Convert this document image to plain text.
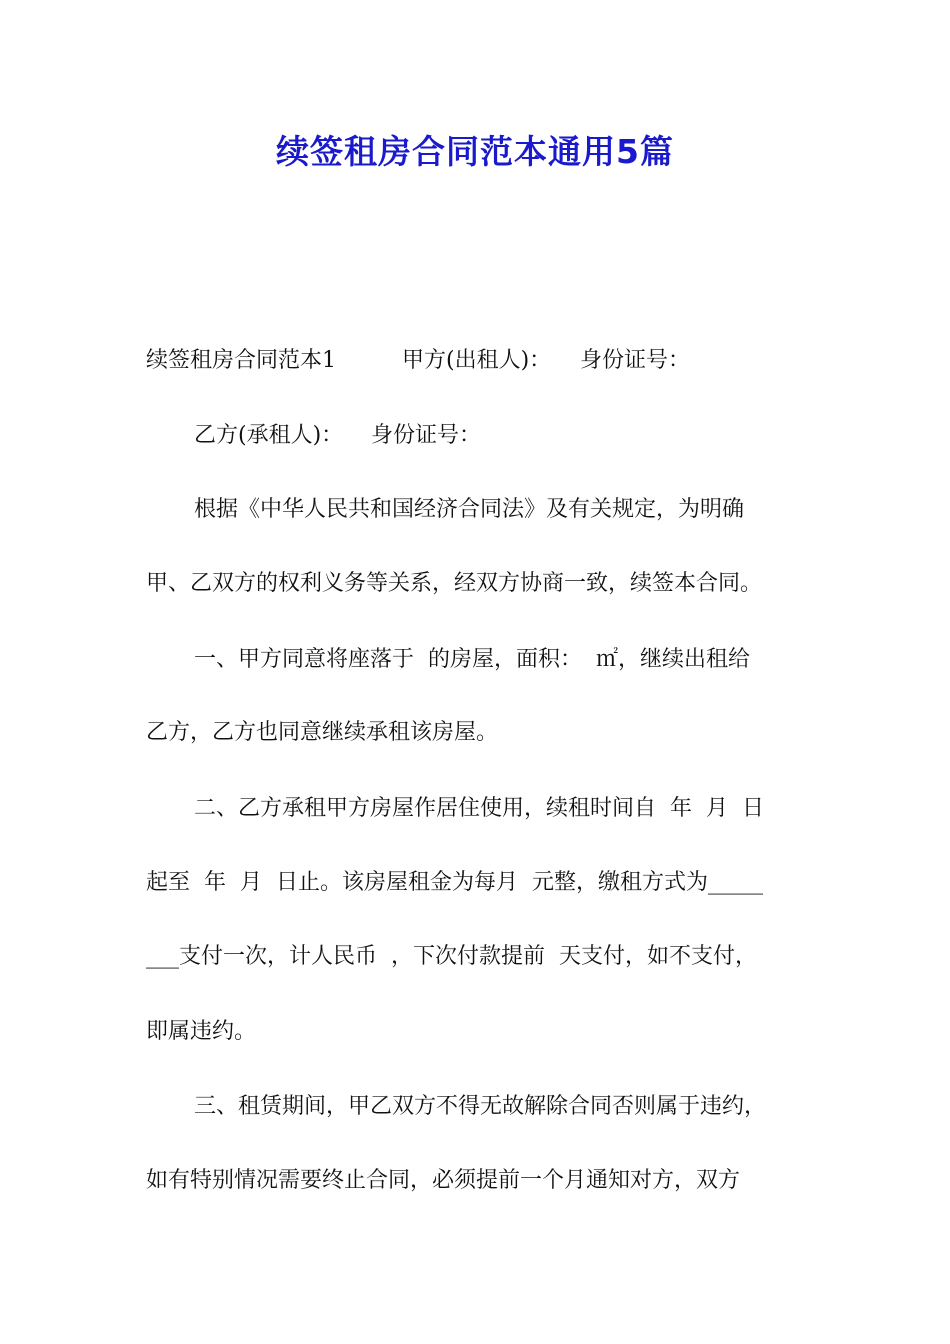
续签租房合同范本通用5篇

续签租房合同范本1

	甲方(出租人)：

身份证号：

乙方(承租人)：

身份证号：

根据《中华人民共和国经济合同法》及有关规定，为明确

甲、乙双方的权利义务等关系，经双方协商一致，续签本合同。

一、甲方同意将座落于  的房屋，面积：  ㎡，继续出租给

乙方，乙方也同意继续承租该房屋。

二、乙方承租甲方房屋作居住使用，续租时间自  年  月  日

起至  年  月  日止。该房屋租金为每月  元整，缴租方式为_____

___支付一次，计人民币  ，下次付款提前  天支付，如不支付，

即属违约。

三、租赁期间，甲乙双方不得无故解除合同否则属于违约，

如有特别情况需要终止合同，必须提前一个月通知对方，双方
